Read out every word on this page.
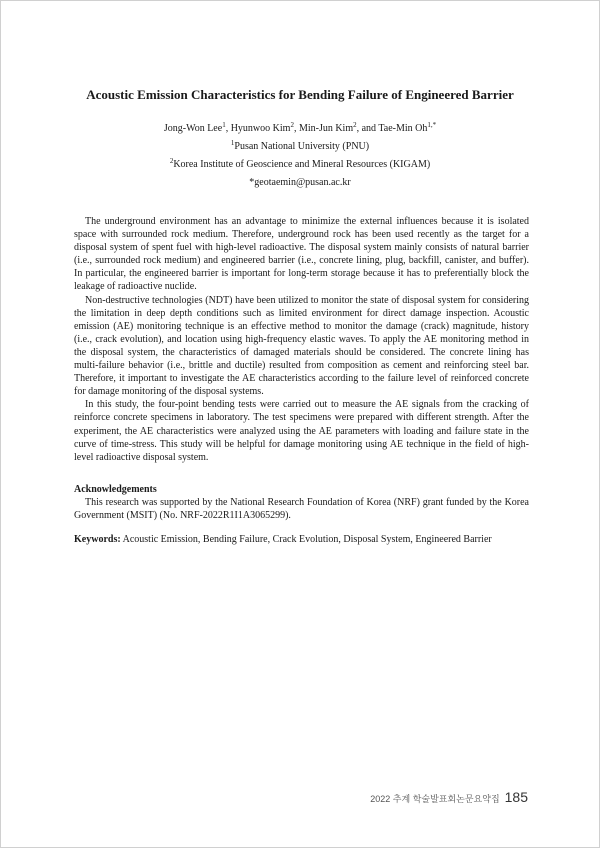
Acoustic Emission Characteristics for Bending Failure of Engineered Barrier
Jong-Won Lee$^1$, Hyunwoo Kim$^2$, Min-Jun Kim$^2$, and Tae-Min $Oh^{1,*}$
$^1$Pusan National University (PNU)
$^2$Korea Institute of Geoscience and Mineral Resources (KIGAM)
*geotaemin@pusan.ac.kr

The underground environment has an advantage to minimize the external influences because it is isolated space with surrounded rock medium. Therefore, underground rock has been used recently as the target for a disposal system of spent fuel with high-level radioactive. The disposal system mainly consists of natural barrier (i.e., surrounded rock medium) and engineered barrier (i.e., concrete lining, plug, backfill, canister, and buffer). In particular, the engineered barrier is important for long-term storage because it has to preferentially block the leakage of radioactive nuclide.

Non-destructive technologies (NDT) have been utilized to monitor the state of disposal system for considering the limitation in deep depth conditions such as limited environment for direct damage inspection. Acoustic emission (AE) monitoring technique is an effective method to monitor the damage (crack) magnitude, history (i.e., crack evolution), and location using high-frequency elastic waves. To apply the AE monitoring method in the disposal system, the characteristics of damaged materials should be considered. The concrete lining has multi-failure behavior (i.e., brittle and ductile) resulted from composition as cement and reinforcing steel bar. Therefore, it important to investigate the AE characteristics according to the failure level of reinforced concrete for damage monitoring of the disposal systems.

In this study, the four-point bending tests were carried out to measure the AE signals from the cracking of reinforce concrete specimens in laboratory. The test specimens were prepared with different strength. After the experiment, the AE characteristics were analyzed using the AE parameters with loading and failure state in the curve of time-stress. This study will be helpful for damage monitoring using AE technique in the field of high-level radioactive disposal system.

Acknowledgements

This research was supported by the National Research Foundation of Korea (NRF) grant funded by the Korea Government (MSIT) (No. NRF-2022R1I1A3065299).

Keywords: Acoustic Emission, Bending Failure, Crack Evolution, Disposal System, Engineered Barrier

2022 추계 학술발표회논문요약집 185
